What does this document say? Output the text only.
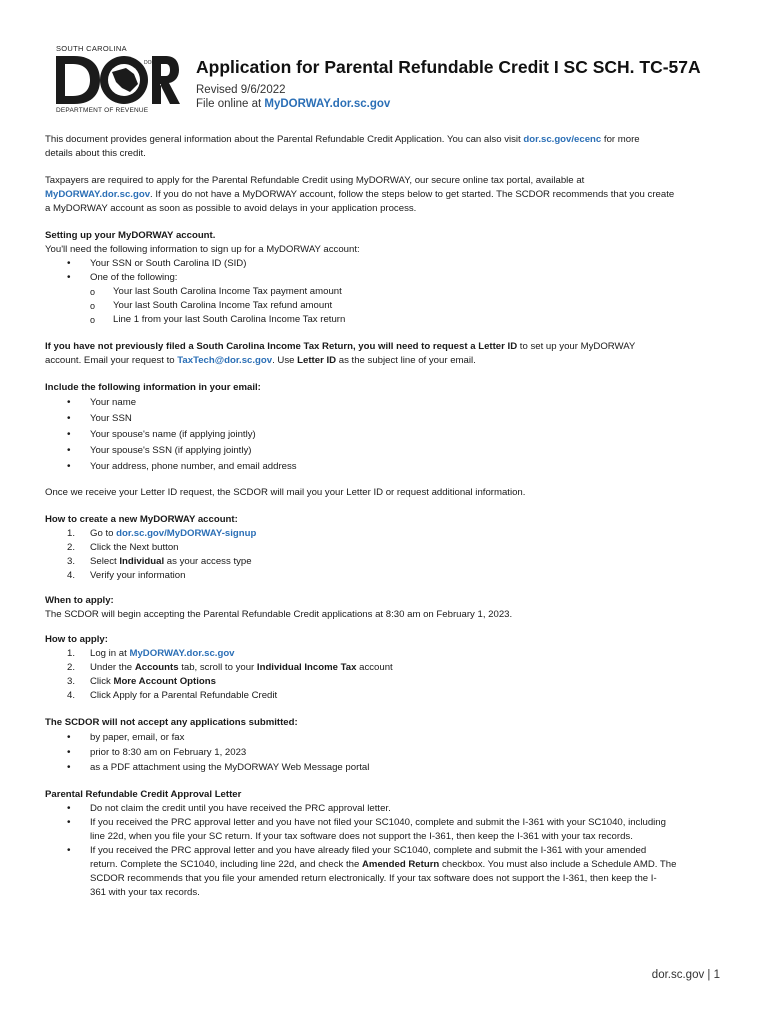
SOUTH CAROLINA
DOR
DEPARTMENT OF REVENUE
Application for Parental Refundable Credit I SC SCH. TC-57A
Revised 9/6/2022
File online at MyDORWAY.dor.sc.gov

This document provides general information about the Parental Refundable Credit Application. You can also visit dor.sc.gov/ecenc for more
details about this credit.

Taxpayers are required to apply for the Parental Refundable Credit using MyDORWAY, our secure online tax portal, available at
MyDORWAY.dor.sc.gov. If you do not have a MyDORWAY account, follow the steps below to get started. The SCDOR recommends that you create
a MyDORWAY account as soon as possible to avoid delays in your application process.

Setting up your MyDORWAY account.

You'll need the following information to sign up for a MyDORWAY account:

• Your SSN or South Carolina ID (SID)
• One of the following:
o Your last South Carolina Income Tax payment amount
o Your last South Carolina Income Tax refund amount
o Line 1 from your last South Carolina Income Tax return

If you have not previously filed a South Carolina Income Tax Return, you will need to request a Letter ID to set up your MyDORWAY
account. Email your request to TaxTech@dor.sc.gov. Use Letter ID as the subject line of your email.

Include the following information in your email:

• Your name
• Your SSN
• Your spouse's name (if applying jointly)
• Your spouse's SSN (if applying jointly)
• Your address, phone number, and email address

Once we receive your Letter ID request, the SCDOR will mail you your Letter ID or request additional information.

How to create a new MyDORWAY account:

1. Go to dor.sc.gov/MyDORWAY-signup
2. Click the Next button
3. Select Individual as your access type
4. Verify your information

When to apply:

The SCDOR will begin accepting the Parental Refundable Credit applications at 8:30 am on February 1, 2023.

How to apply:

1. Log in at MyDORWAY.dor.sc.gov
2. Under the Accounts tab, scroll to your Individual Income Tax account
3. Click More Account Options
4. Click Apply for a Parental Refundable Credit

The SCDOR will not accept any applications submitted:

• by paper, email, or fax
• prior to 8:30 am on February 1, 2023
• as a PDF attachment using the MyDORWAY Web Message portal

Parental Refundable Credit Approval Letter

• Do not claim the credit until you have received the PRC approval letter.
• If you received the PRC approval letter and you have not filed your SC1040, complete and submit the I-361 with your SC1040, including
line 22d, when you file your SC return. If your tax software does not support the I-361, then keep the I-361 with your tax records.
• If you received the PRC approval letter and you have already filed your SC1040, complete and submit the I-361 with your amended
return. Complete the SC1040, including line 22d, and check the Amended Return checkbox. You must also include a Schedule AMD. The
SCDOR recommends that you file your amended return electronically. If your tax software does not support the I-361, then keep the I-
361 with your tax records.
dor.sc.gov | 1
